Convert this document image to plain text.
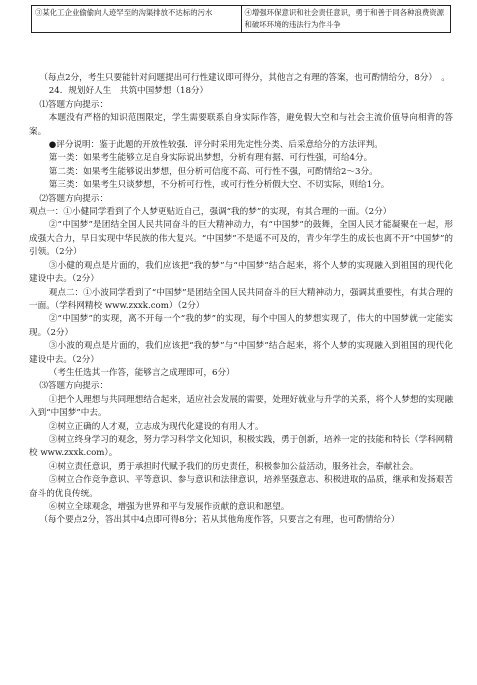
③某化工企业偷偷向人迹罕至的沟渠排放不达标的污水	④增强环保意识和社会责任意识，勇于和善于同各种浪费资源和破坏环境的违法行为作斗争

（每点2分，考生只要能针对问题提出可行性建议即可得分，其他言之有理的答案，也可酌情给分，8分）　。

24．规划好人生　共筑中国梦想（18分）

⑴答题方向提示：

本题没有严格的知识范围限定，学生需要联系自身实际作答，避免假大空和与社会主流价值导向相背的答案。

●评分说明：鉴于此题的开放性较强．评分时采用先定性分类、后采意给分的方法评判。

第一类：如果考生能够立足自身实际说出梦想，分析有理有据、可行性强，可给4分。

第二类：如果考生能够说出梦想，但分析可信度不高、可行性不强，可酌情给2～3分。

第三类：如果考生只谈梦想，不分析可行性，或可行性分析假大空、不切实际，则给1分。

⑵答题方向提示：

观点一：①小健同学看到了个人梦更贴近自己，强调“我的梦”的实现，有其合理的一面。（2分）

②“中国梦”是团结全国人民共同奋斗的巨大精神动力，有“中国梦”的鼓舞，全国人民才能凝聚在一起，形成强大合力，早日实现中华民族的伟大复兴。“中国梦”不是遥不可及的，青少年学生的成长也离不开“中国梦”的引领。（2分）

③小健的观点是片面的，我们应该把“我的梦”与“中国梦”结合起来，将个人梦的实现融入到祖国的现代化建设中去。（2分）

观点二：①小波同学看到了“中国梦”是团结全国人民共同奋斗的巨大精神动力，强调其重要性，有其合理的一面。（学科网精校 www.zxxk.com）（2分）

②“中国梦”的实现，离不开每一个“我的梦”的实现，每个中国人的梦想实现了，伟大的中国梦就一定能实现。（2分）

③小波的观点是片面的，我们应该把“我的梦”与“中国梦”结合起来，将个人梦的实现融入到祖国的现代化建设中去。（2分）

（考生任选其一作答，能够言之成理即可，6分）

⑶答题方向提示：

①把个人理想与共同理想结合起来，适应社会发展的需要，处理好就业与升学的关系，将个人梦想的实现融入到“中国梦”中去。

②树立正确的人才观，立志成为现代化建设的有用人才。

③树立终身学习的观念，努力学习科学文化知识，积极实践，勇于创新，培养一定的技能和特长（学科网精校 www.zxxk.com）。

④树立责任意识，勇于承担时代赋予我们的历史责任，积极参加公益活动，服务社会，奉献社会。

⑤树立合作竞争意识、平等意识、参与意识和法律意识，培养坚强意志、积极进取的品质，继承和发扬艰苦奋斗的优良传统。

⑥树立全球观念，增强为世界和平与发展作贡献的意识和愿望。

（每个要点2分，答出其中4点即可得8分；若从其他角度作答，只要言之有理，也可酌情给分）
